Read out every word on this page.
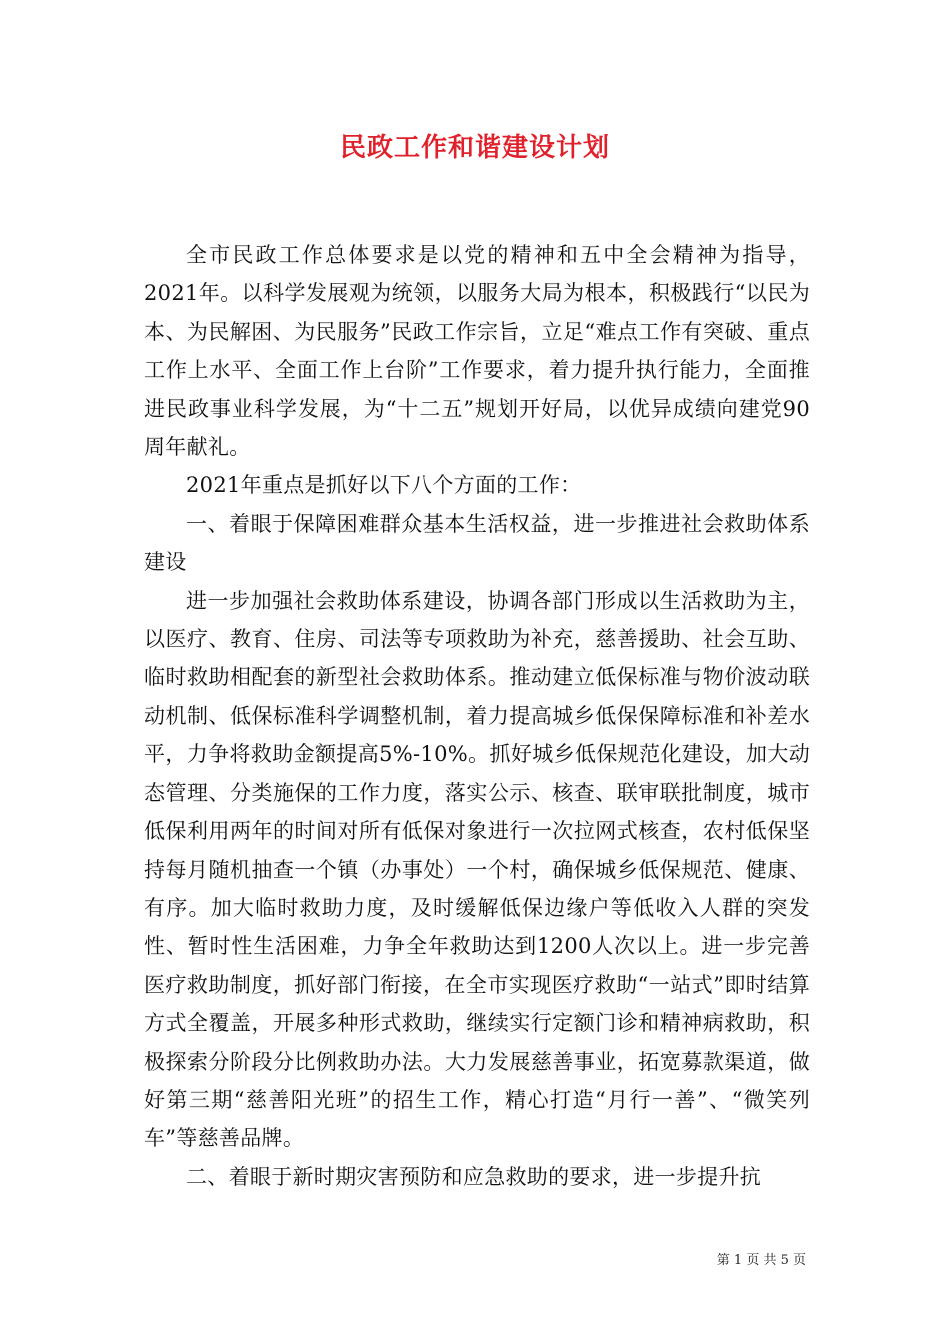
民政工作和谐建设计划

全市民政工作总体要求是以党的精神和五中全会精神为指导，2021年。以科学发展观为统领，以服务大局为根本，积极践行“以民为本、为民解困、为民服务”民政工作宗旨，立足“难点工作有突破、重点工作上水平、全面工作上台阶”工作要求，着力提升执行能力，全面推进民政事业科学发展，为“十二五”规划开好局，以优异成绩向建党90周年献礼。

2021年重点是抓好以下八个方面的工作：

一、着眼于保障困难群众基本生活权益，进一步推进社会救助体系建设

进一步加强社会救助体系建设，协调各部门形成以生活救助为主，以医疗、教育、住房、司法等专项救助为补充，慈善援助、社会互助、临时救助相配套的新型社会救助体系。推动建立低保标准与物价波动联动机制、低保标准科学调整机制，着力提高城乡低保保障标准和补差水平，力争将救助金额提高5%-10%。抓好城乡低保规范化建设，加大动态管理、分类施保的工作力度，落实公示、核查、联审联批制度，城市低保利用两年的时间对所有低保对象进行一次拉网式核查，农村低保坚持每月随机抽查一个镇（办事处）一个村，确保城乡低保规范、健康、有序。加大临时救助力度，及时缓解低保边缘户等低收入人群的突发性、暂时性生活困难，力争全年救助达到1200人次以上。进一步完善医疗救助制度，抓好部门衔接，在全市实现医疗救助“一站式”即时结算方式全覆盖，开展多种形式救助，继续实行定额门诊和精神病救助，积极探索分阶段分比例救助办法。大力发展慈善事业，拓宽募款渠道，做好第三期“慈善阳光班”的招生工作，精心打造“月行一善”、“微笑列车”等慈善品牌。

二、着眼于新时期灾害预防和应急救助的要求，进一步提升抗

第 1 页 共 5 页
